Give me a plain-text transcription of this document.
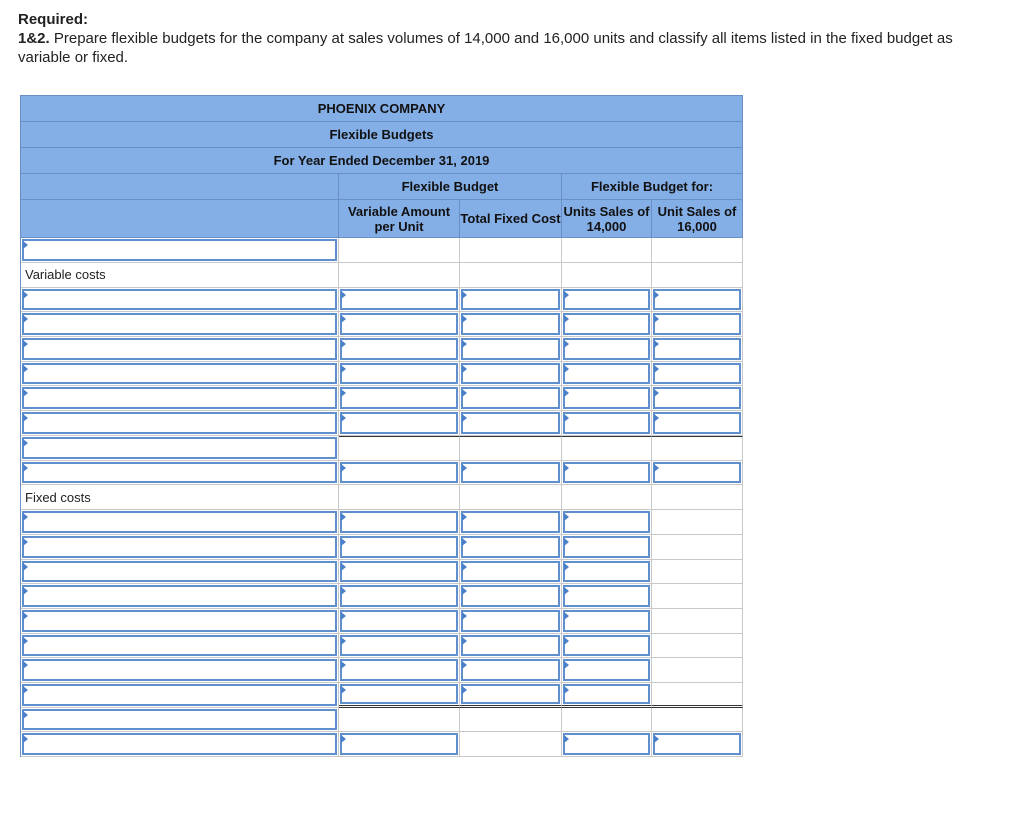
Required:
1&2. Prepare flexible budgets for the company at sales volumes of 14,000 and 16,000 units and classify all items listed in the fixed budget as variable or fixed.
PHOENIX COMPANY
Flexible Budgets
For Year Ended December 31, 2019
Flexible Budget	Flexible Budget for:
Variable Amount per Unit	Total Fixed Cost Units Sales of 14,000
Unit Sales of 16,000
Variable costs
Fixed costs
